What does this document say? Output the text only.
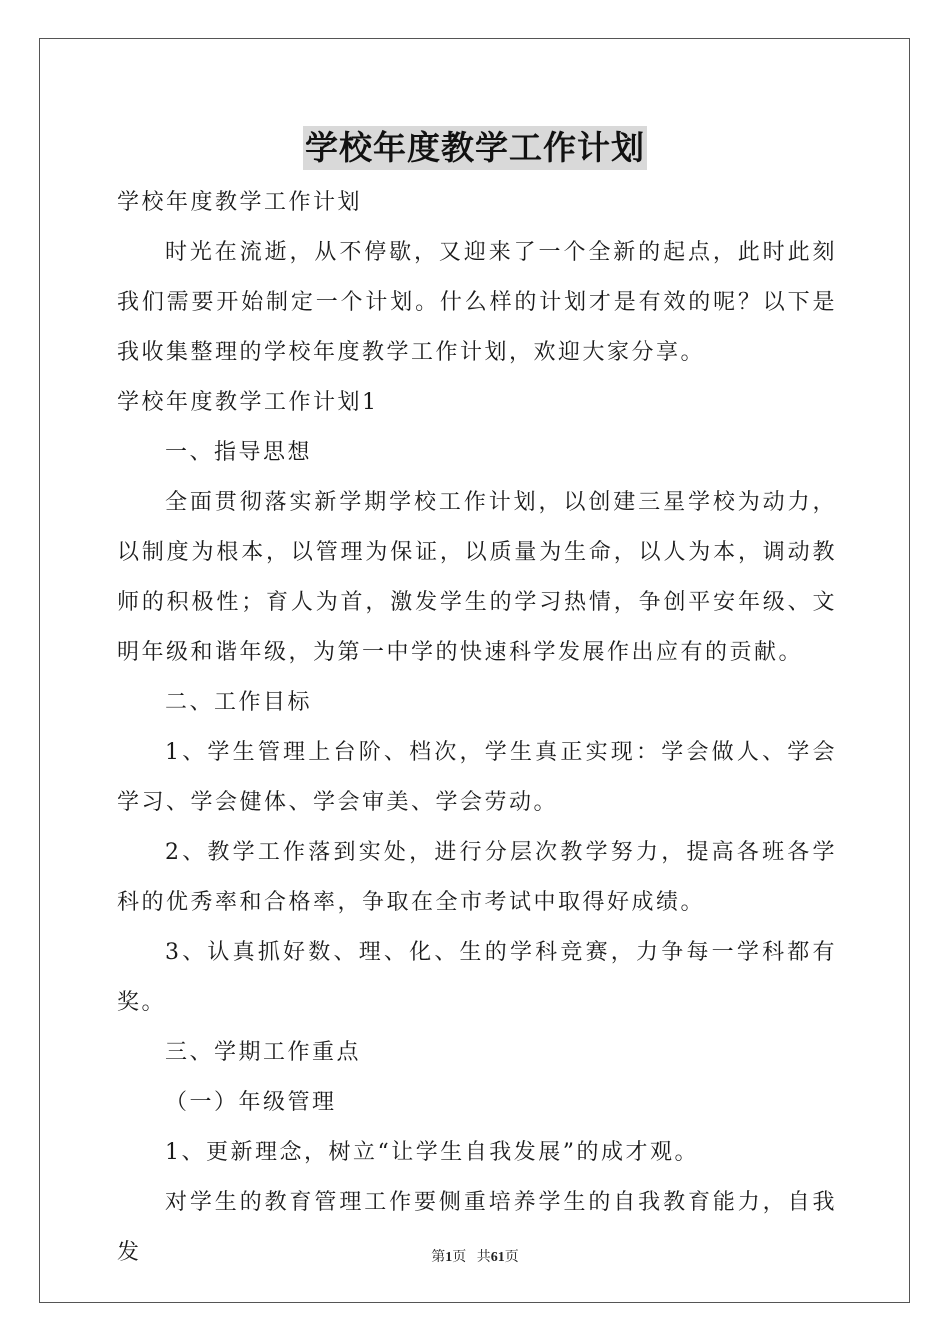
学校年度教学工作计划

学校年度教学工作计划

时光在流逝，从不停歇，又迎来了一个全新的起点，此时此刻我们需要开始制定一个计划。什么样的计划才是有效的呢？以下是我收集整理的学校年度教学工作计划，欢迎大家分享。

学校年度教学工作计划1

一、指导思想

全面贯彻落实新学期学校工作计划，以创建三星学校为动力，以制度为根本，以管理为保证，以质量为生命，以人为本，调动教师的积极性；育人为首，激发学生的学习热情，争创平安年级、文明年级和谐年级，为第一中学的快速科学发展作出应有的贡献。

二、工作目标

1、学生管理上台阶、档次，学生真正实现：学会做人、学会学习、学会健体、学会审美、学会劳动。

2、教学工作落到实处，进行分层次教学努力，提高各班各学科的优秀率和合格率，争取在全市考试中取得好成绩。

3、认真抓好数、理、化、生的学科竞赛，力争每一学科都有奖。

三、学期工作重点

（一）年级管理

1、更新理念，树立“让学生自我发展”的成才观。

对学生的教育管理工作要侧重培养学生的自我教育能力，自我发	第1页 共61页
